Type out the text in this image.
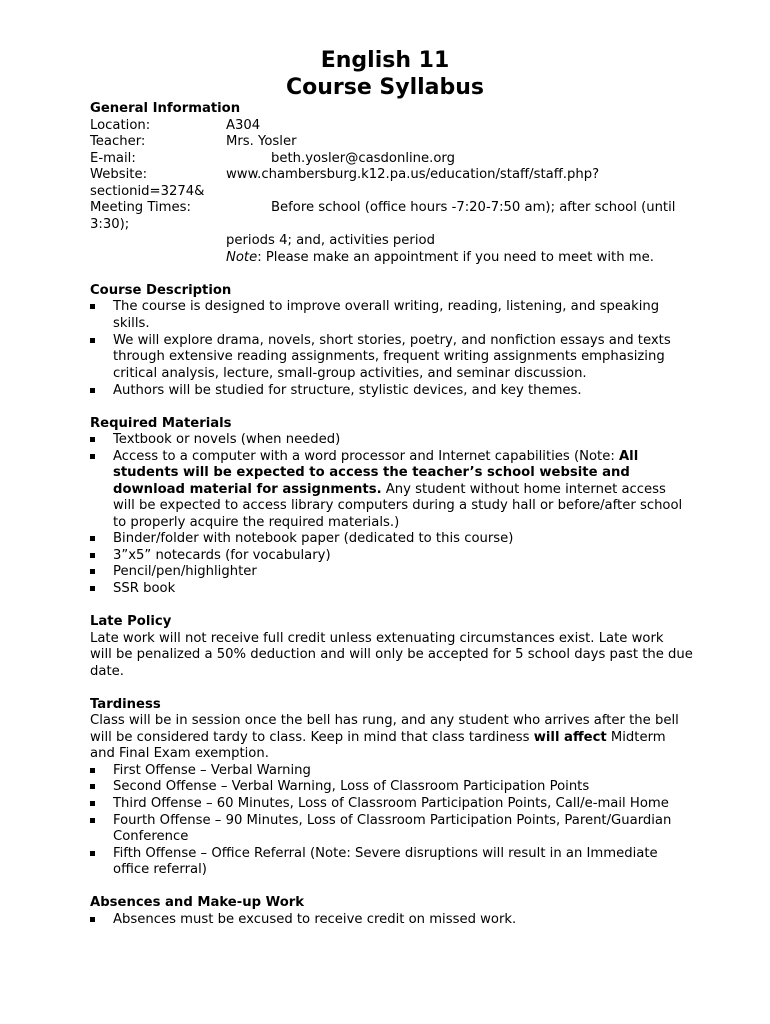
English 11
Course Syllabus
General Information
Location:	A304
Teacher:	Mrs. Yosler
E-mail:	beth.yosler@casdonline.org
Website:	www.chambersburg.k12.pa.us/education/staff/staff.php?
sectionid=3274&
Meeting Times:	Before school (office hours -7:20-7:50 am); after school (until
3:30);
periods 4; and, activities period
Note: Please make an appointment if you need to meet with me.
Course Description
The course is designed to improve overall writing, reading, listening, and speaking
skills.
We will explore drama, novels, short stories, poetry, and nonfiction essays and texts
through extensive reading assignments, frequent writing assignments emphasizing
critical analysis, lecture, small-group activities, and seminar discussion.
Authors will be studied for structure, stylistic devices, and key themes.
Required Materials
Textbook or novels (when needed)
Access to a computer with a word processor and Internet capabilities (Note: All
students will be expected to access the teacher’s school website and
download material for assignments. Any student without home internet access
will be expected to access library computers during a study hall or before/after school
to properly acquire the required materials.)
Binder/folder with notebook paper (dedicated to this course)
3”x5” notecards (for vocabulary)
Pencil/pen/highlighter
SSR book
Late Policy
Late work will not receive full credit unless extenuating circumstances exist. Late work
will be penalized a 50% deduction and will only be accepted for 5 school days past the due
date.
Tardiness
Class will be in session once the bell has rung, and any student who arrives after the bell
will be considered tardy to class. Keep in mind that class tardiness will affect Midterm
and Final Exam exemption.
First Offense – Verbal Warning
Second Offense – Verbal Warning, Loss of Classroom Participation Points
Third Offense – 60 Minutes, Loss of Classroom Participation Points, Call/e-mail Home
Fourth Offense – 90 Minutes, Loss of Classroom Participation Points, Parent/Guardian
Conference
Fifth Offense – Office Referral (Note: Severe disruptions will result in an Immediate
office referral)
Absences and Make-up Work
Absences must be excused to receive credit on missed work.
